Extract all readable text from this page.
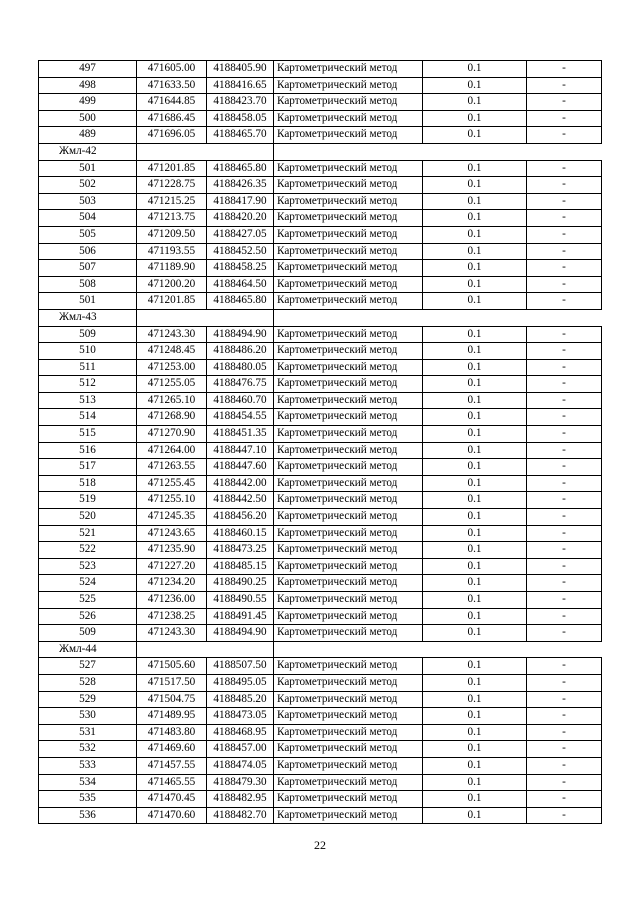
497	471605.00	4188405.90	Картометрический метод	0.1	-
498	471633.50	4188416.65	Картометрический метод	0.1	-
499	471644.85	4188423.70	Картометрический метод	0.1	-
500	471686.45	4188458.05	Картометрический метод	0.1	-
489	471696.05	4188465.70	Картометрический метод	0.1	-
Жмл-42					
501	471201.85	4188465.80	Картометрический метод	0.1	-
502	471228.75	4188426.35	Картометрический метод	0.1	-
503	471215.25	4188417.90	Картометрический метод	0.1	-
504	471213.75	4188420.20	Картометрический метод	0.1	-
505	471209.50	4188427.05	Картометрический метод	0.1	-
506	471193.55	4188452.50	Картометрический метод	0.1	-
507	471189.90	4188458.25	Картометрический метод	0.1	-
508	471200.20	4188464.50	Картометрический метод	0.1	-
501	471201.85	4188465.80	Картометрический метод	0.1	-
Жмл-43					
509	471243.30	4188494.90	Картометрический метод	0.1	-
510	471248.45	4188486.20	Картометрический метод	0.1	-
511	471253.00	4188480.05	Картометрический метод	0.1	-
512	471255.05	4188476.75	Картометрический метод	0.1	-
513	471265.10	4188460.70	Картометрический метод	0.1	-
514	471268.90	4188454.55	Картометрический метод	0.1	-
515	471270.90	4188451.35	Картометрический метод	0.1	-
516	471264.00	4188447.10	Картометрический метод	0.1	-
517	471263.55	4188447.60	Картометрический метод	0.1	-
518	471255.45	4188442.00	Картометрический метод	0.1	-
519	471255.10	4188442.50	Картометрический метод	0.1	-
520	471245.35	4188456.20	Картометрический метод	0.1	-
521	471243.65	4188460.15	Картометрический метод	0.1	-
522	471235.90	4188473.25	Картометрический метод	0.1	-
523	471227.20	4188485.15	Картометрический метод	0.1	-
524	471234.20	4188490.25	Картометрический метод	0.1	-
525	471236.00	4188490.55	Картометрический метод	0.1	-
526	471238.25	4188491.45	Картометрический метод	0.1	-
509	471243.30	4188494.90	Картометрический метод	0.1	-
Жмл-44					
527	471505.60	4188507.50	Картометрический метод	0.1	-
528	471517.50	4188495.05	Картометрический метод	0.1	-
529	471504.75	4188485.20	Картометрический метод	0.1	-
530	471489.95	4188473.05	Картометрический метод	0.1	-
531	471483.80	4188468.95	Картометрический метод	0.1	-
532	471469.60	4188457.00	Картометрический метод	0.1	-
533	471457.55	4188474.05	Картометрический метод	0.1	-
534	471465.55	4188479.30	Картометрический метод	0.1	-
535	471470.45	4188482.95	Картометрический метод	0.1	-
536	471470.60	4188482.70	Картометрический метод	0.1	-
22
